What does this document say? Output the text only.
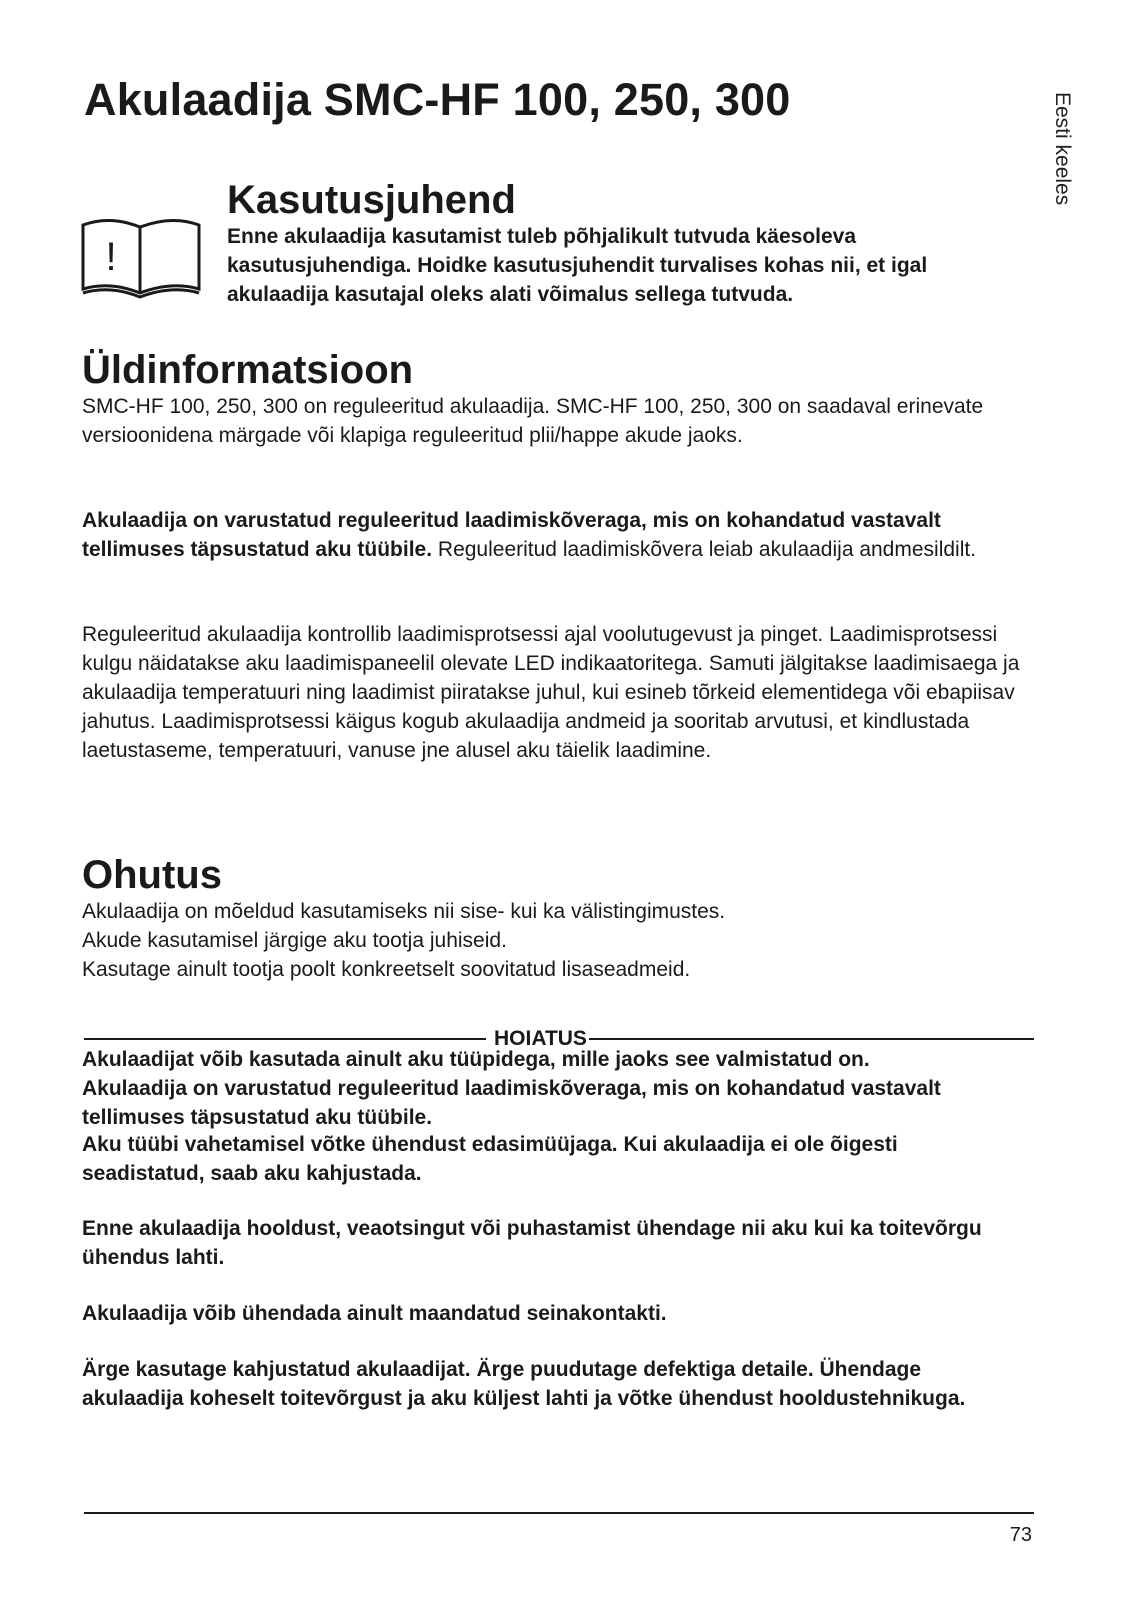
Akulaadija SMC-HF 100, 250, 300	Eesti keeles
!
Kasutusjuhend

Enne akulaadija kasutamist tuleb põhjalikult tutvuda käesoleva kasutusjuhendiga. Hoidke kasutusjuhendit turvalises kohas nii, et igal akulaadija kasutajal oleks alati võimalus sellega tutvuda.

Üldinformatsioon

SMC-HF 100, 250, 300 on reguleeritud akulaadija. SMC-HF 100, 250, 300 on saadaval erinevate versioonidena märgade või klapiga reguleeritud plii/happe akude jaoks.

Akulaadija on varustatud reguleeritud laadimiskõveraga, mis on kohandatud vastavalt tellimuses täpsustatud aku tüübile. Reguleeritud laadimiskõvera leiab akulaadija andmesildilt.

Reguleeritud akulaadija kontrollib laadimisprotsessi ajal voolutugevust ja pinget. Laadimisprotsessi kulgu näidatakse aku laadimispaneelil olevate LED indikaatoritega. Samuti jälgitakse laadimisaega ja akulaadija temperatuuri ning laadimist piiratakse juhul, kui esineb tõrkeid elementidega või ebapiisav jahutus. Laadimisprotsessi käigus kogub akulaadija andmeid ja sooritab arvutusi, et kindlustada laetustaseme, temperatuuri, vanuse jne alusel aku täielik laadimine.

Ohutus

Akulaadija on mõeldud kasutamiseks nii sise- kui ka välistingimustes.

Akude kasutamisel järgige aku tootja juhiseid.

Kasutage ainult tootja poolt konkreetselt soovitatud lisaseadmeid.

HOIATUS

Akulaadijat võib kasutada ainult aku tüüpidega, mille jaoks see valmistatud on.

Akulaadija on varustatud reguleeritud laadimiskõveraga, mis on kohandatud vastavalt tellimuses täpsustatud aku tüübile.

Aku tüübi vahetamisel võtke ühendust edasimüüjaga. Kui akulaadija ei ole õigesti seadistatud, saab aku kahjustada.

Enne akulaadija hooldust, veaotsingut või puhastamist ühendage nii aku kui ka toitevõrgu ühendus lahti.

Akulaadija võib ühendada ainult maandatud seinakontakti.

Ärge kasutage kahjustatud akulaadijat. Ärge puudutage defektiga detaile. Ühendage akulaadija koheselt toitevõrgust ja aku küljest lahti ja võtke ühendust hooldustehnikuga.

73
